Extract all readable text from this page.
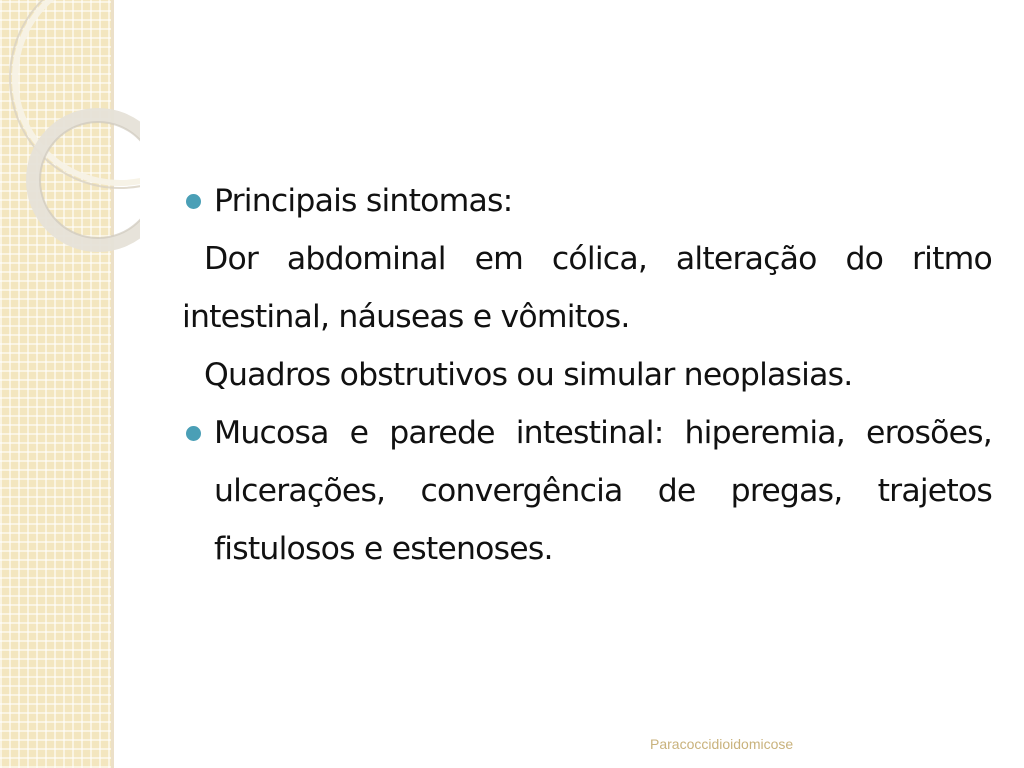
Principais sintomas:
Dor abdominal em cólica, alteração do ritmo intestinal, náuseas e vômitos.
Quadros obstrutivos ou simular neoplasias.
Mucosa e parede intestinal: hiperemia, erosões, ulcerações, convergência de pregas, trajetos fistulosos e estenoses.
Paracoccidioidomicose
